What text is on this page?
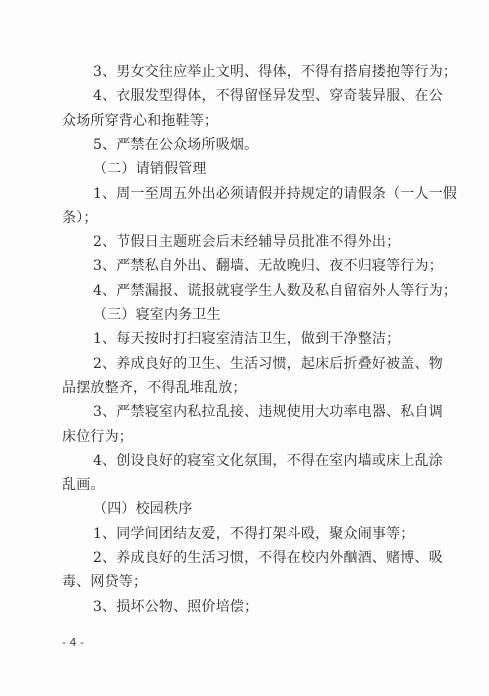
3、男女交往应举止文明、得体，不得有搭肩搂抱等行为；
4、衣服发型得体，不得留怪异发型、穿奇装异服、在公
众场所穿背心和拖鞋等；
5、严禁在公众场所吸烟。
（二）请销假管理
1、周一至周五外出必须请假并持规定的请假条（一人一假
条）；
2、节假日主题班会后未经辅导员批准不得外出；
3、严禁私自外出、翻墙、无故晚归、夜不归寝等行为；
4、严禁漏报、谎报就寝学生人数及私自留宿外人等行为；
（三）寝室内务卫生
1、每天按时打扫寝室清洁卫生，做到干净整洁；
2、养成良好的卫生、生活习惯，起床后折叠好被盖、物
品摆放整齐，不得乱堆乱放；
3、严禁寝室内私拉乱接、违规使用大功率电器、私自调
床位行为；
4、创设良好的寝室文化氛围，不得在室内墙或床上乱涂
乱画。
（四）校园秩序
1、同学间团结友爱，不得打架斗殴，聚众闹事等；
2、养成良好的生活习惯，不得在校内外酗酒、赌博、吸
毒、网贷等；
3、损坏公物、照价培偿；
- 4 -
